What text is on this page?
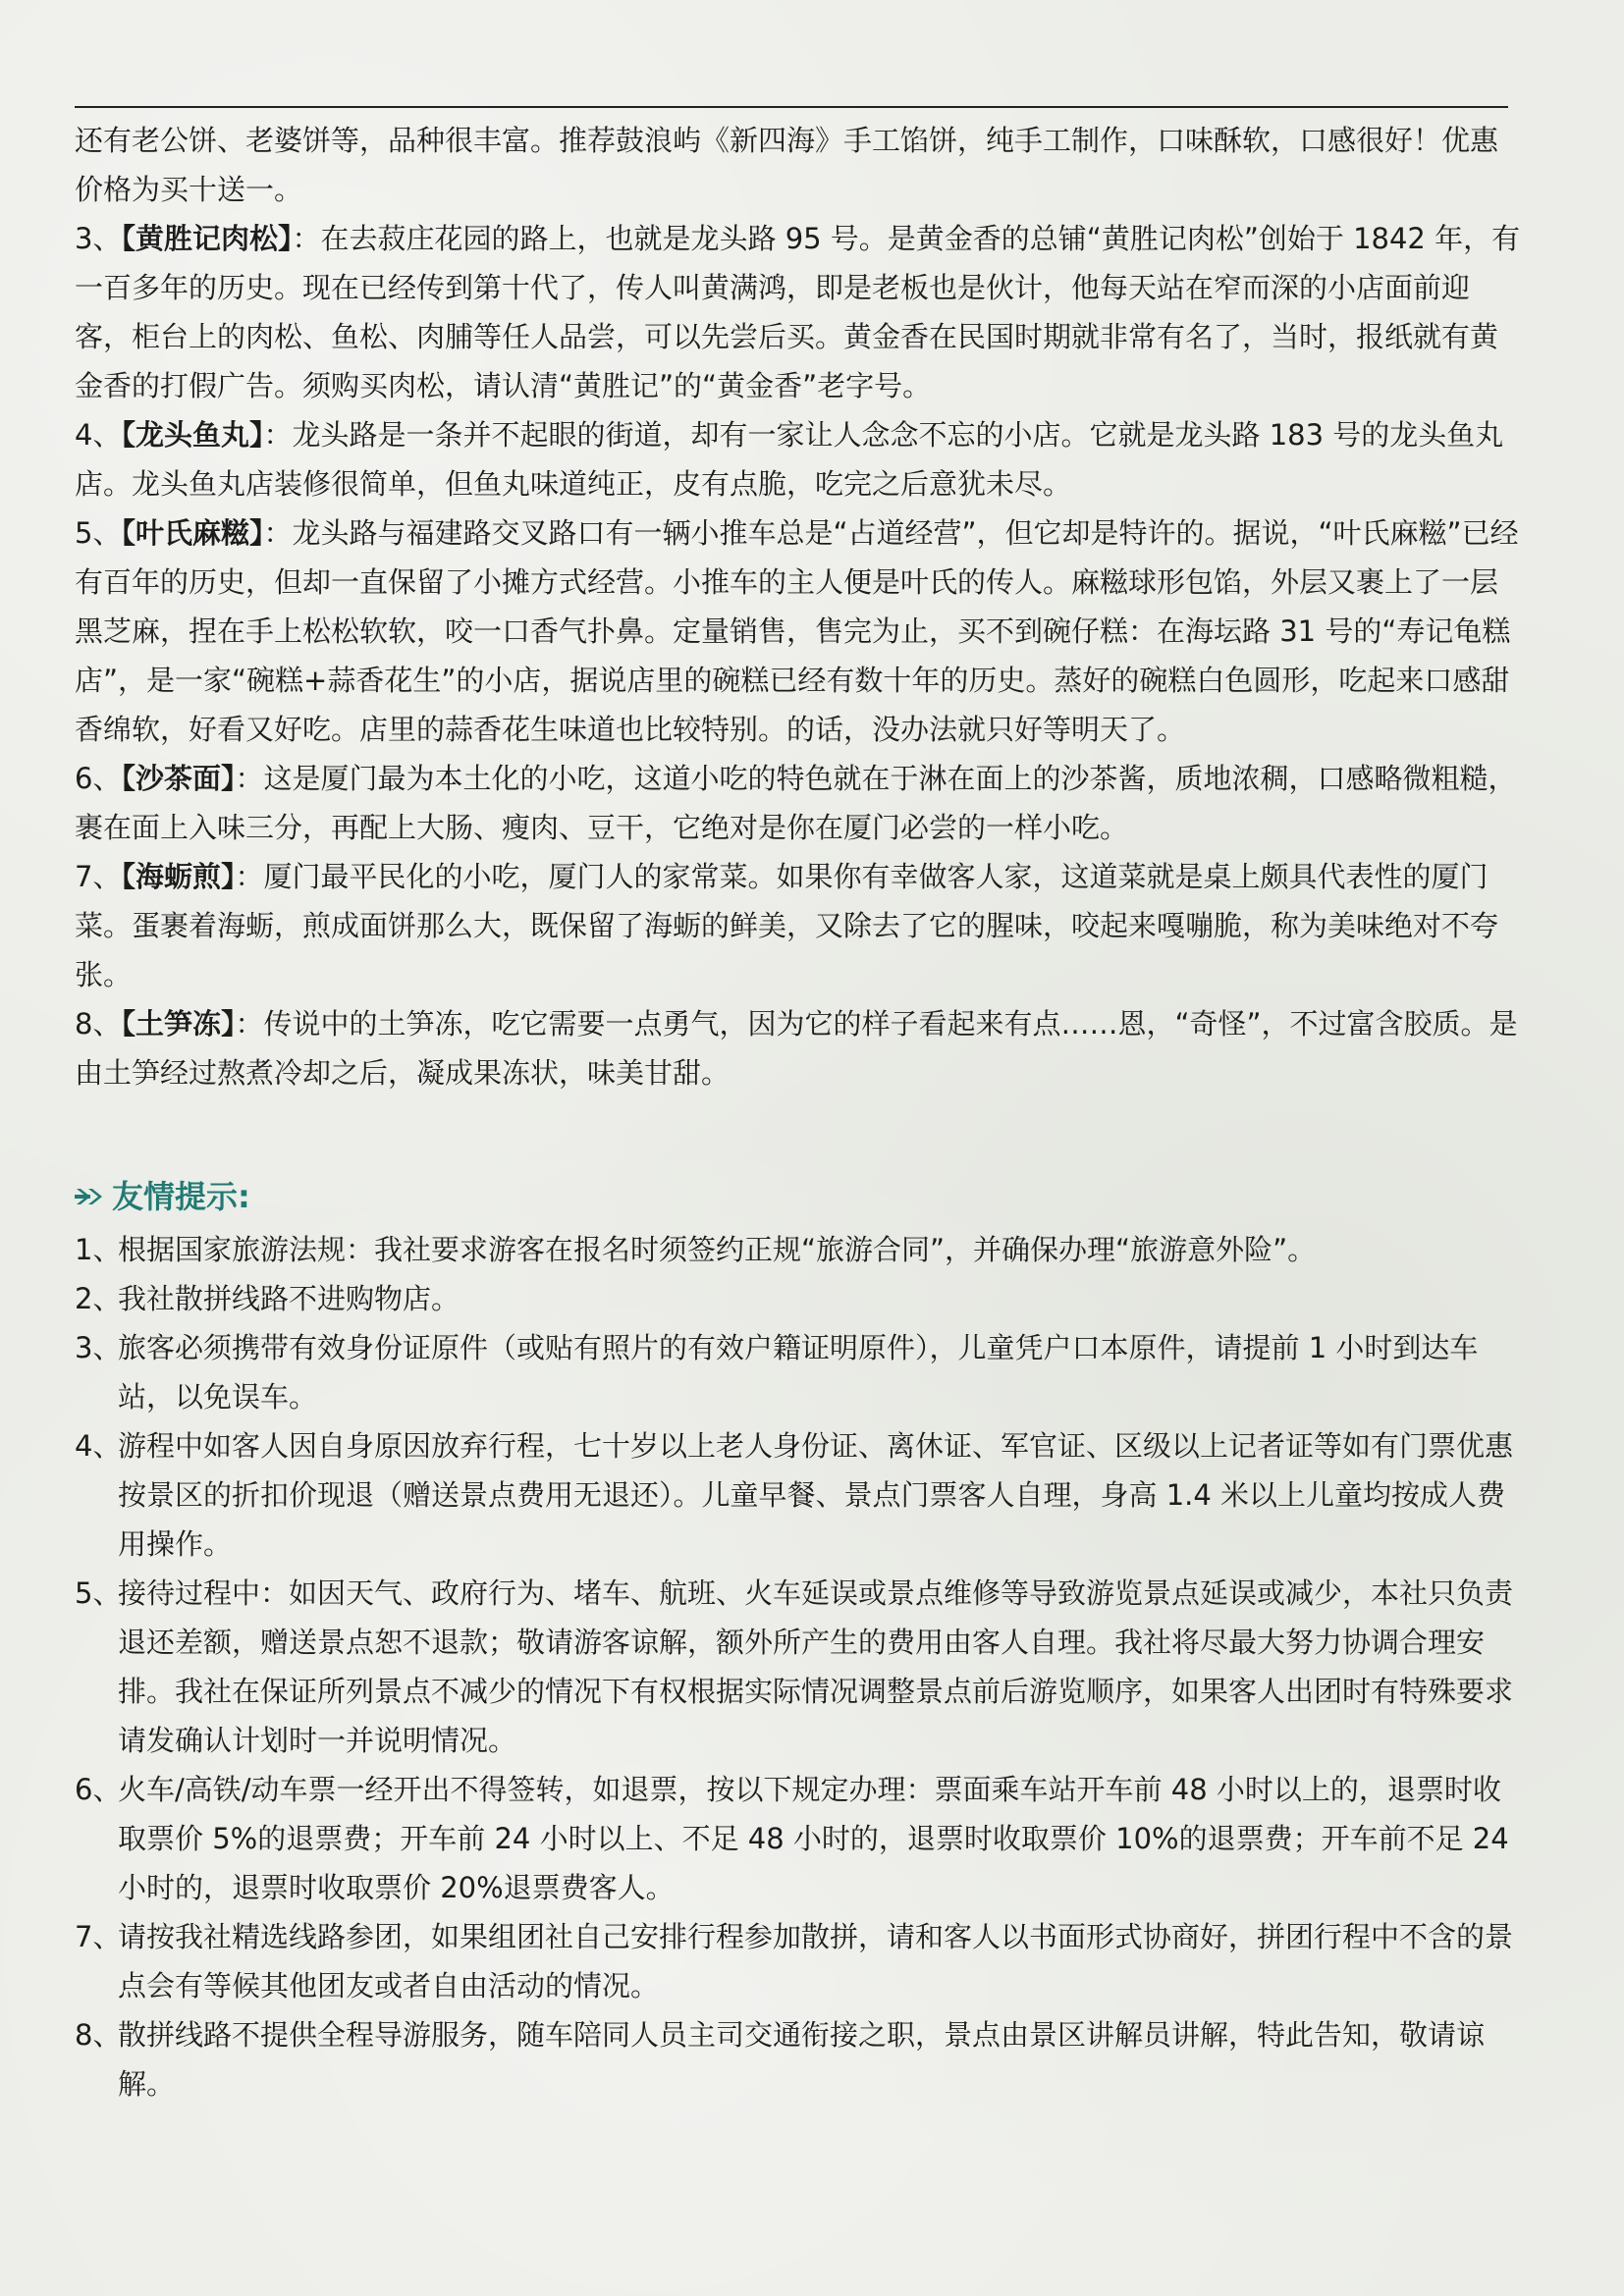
还有老公饼、老婆饼等，品种很丰富。推荐鼓浪屿《新四海》手工馅饼，纯手工制作，口味酥软，口感很好！优惠价格为买十送一。

3、【黄胜记肉松】：在去菽庄花园的路上，也就是龙头路 95 号。是黄金香的总铺“黄胜记肉松”创始于 1842 年，有一百多年的历史。现在已经传到第十代了，传人叫黄满鸿，即是老板也是伙计，他每天站在窄而深的小店面前迎客，柜台上的肉松、鱼松、肉脯等任人品尝，可以先尝后买。黄金香在民国时期就非常有名了，当时，报纸就有黄金香的打假广告。须购买肉松，请认清“黄胜记”的“黄金香”老字号。

4、【龙头鱼丸】：龙头路是一条并不起眼的街道，却有一家让人念念不忘的小店。它就是龙头路 183 号的龙头鱼丸店。龙头鱼丸店装修很简单，但鱼丸味道纯正，皮有点脆，吃完之后意犹未尽。

5、【叶氏麻糍】：龙头路与福建路交叉路口有一辆小推车总是“占道经营”，但它却是特许的。据说，“叶氏麻糍”已经有百年的历史，但却一直保留了小摊方式经营。小推车的主人便是叶氏的传人。麻糍球形包馅，外层又裹上了一层黑芝麻，捏在手上松松软软，咬一口香气扑鼻。定量销售，售完为止，买不到碗仔糕：在海坛路 31 号的“寿记龟糕店”，是一家“碗糕+蒜香花生”的小店，据说店里的碗糕已经有数十年的历史。蒸好的碗糕白色圆形，吃起来口感甜香绵软，好看又好吃。店里的蒜香花生味道也比较特别。的话，没办法就只好等明天了。

6、【沙茶面】：这是厦门最为本土化的小吃，这道小吃的特色就在于淋在面上的沙茶酱，质地浓稠，口感略微粗糙，裹在面上入味三分，再配上大肠、瘦肉、豆干，它绝对是你在厦门必尝的一样小吃。

7、【海蛎煎】：厦门最平民化的小吃，厦门人的家常菜。如果你有幸做客人家，这道菜就是桌上颇具代表性的厦门菜。蛋裹着海蛎，煎成面饼那么大，既保留了海蛎的鲜美，又除去了它的腥味，咬起来嘎嘣脆，称为美味绝对不夸张。

8、【土笋冻】：传说中的土笋冻，吃它需要一点勇气，因为它的样子看起来有点……恩，“奇怪”，不过富含胶质。是由土笋经过熬煮冷却之后，凝成果冻状，味美甘甜。

友情提示:
1、
根据国家旅游法规：我社要求游客在报名时须签约正规“旅游合同”，并确保办理“旅游意外险”。
2、
我社散拼线路不进购物店。
3、
旅客必须携带有效身份证原件（或贴有照片的有效户籍证明原件），儿童凭户口本原件，请提前 1 小时到达车站，以免误车。
4、
游程中如客人因自身原因放弃行程，七十岁以上老人身份证、离休证、军官证、区级以上记者证等如有门票优惠按景区的折扣价现退（赠送景点费用无退还）。儿童早餐、景点门票客人自理，身高 1.4 米以上儿童均按成人费用操作。
5、
接待过程中：如因天气、政府行为、堵车、航班、火车延误或景点维修等导致游览景点延误或减少，本社只负责退还差额，赠送景点恕不退款；敬请游客谅解，额外所产生的费用由客人自理。我社将尽最大努力协调合理安排。我社在保证所列景点不减少的情况下有权根据实际情况调整景点前后游览顺序，如果客人出团时有特殊要求请发确认计划时一并说明情况。
6、
火车/高铁/动车票一经开出不得签转，如退票，按以下规定办理：票面乘车站开车前 48 小时以上的，退票时收取票价 5%的退票费；开车前 24 小时以上、不足 48 小时的，退票时收取票价 10%的退票费；开车前不足 24 小时的，退票时收取票价 20%退票费客人。
7、
请按我社精选线路参团，如果组团社自己安排行程参加散拼，请和客人以书面形式协商好，拼团行程中不含的景点会有等候其他团友或者自由活动的情况。
8、
散拼线路不提供全程导游服务，随车陪同人员主司交通衔接之职，景点由景区讲解员讲解，特此告知，敬请谅解。
